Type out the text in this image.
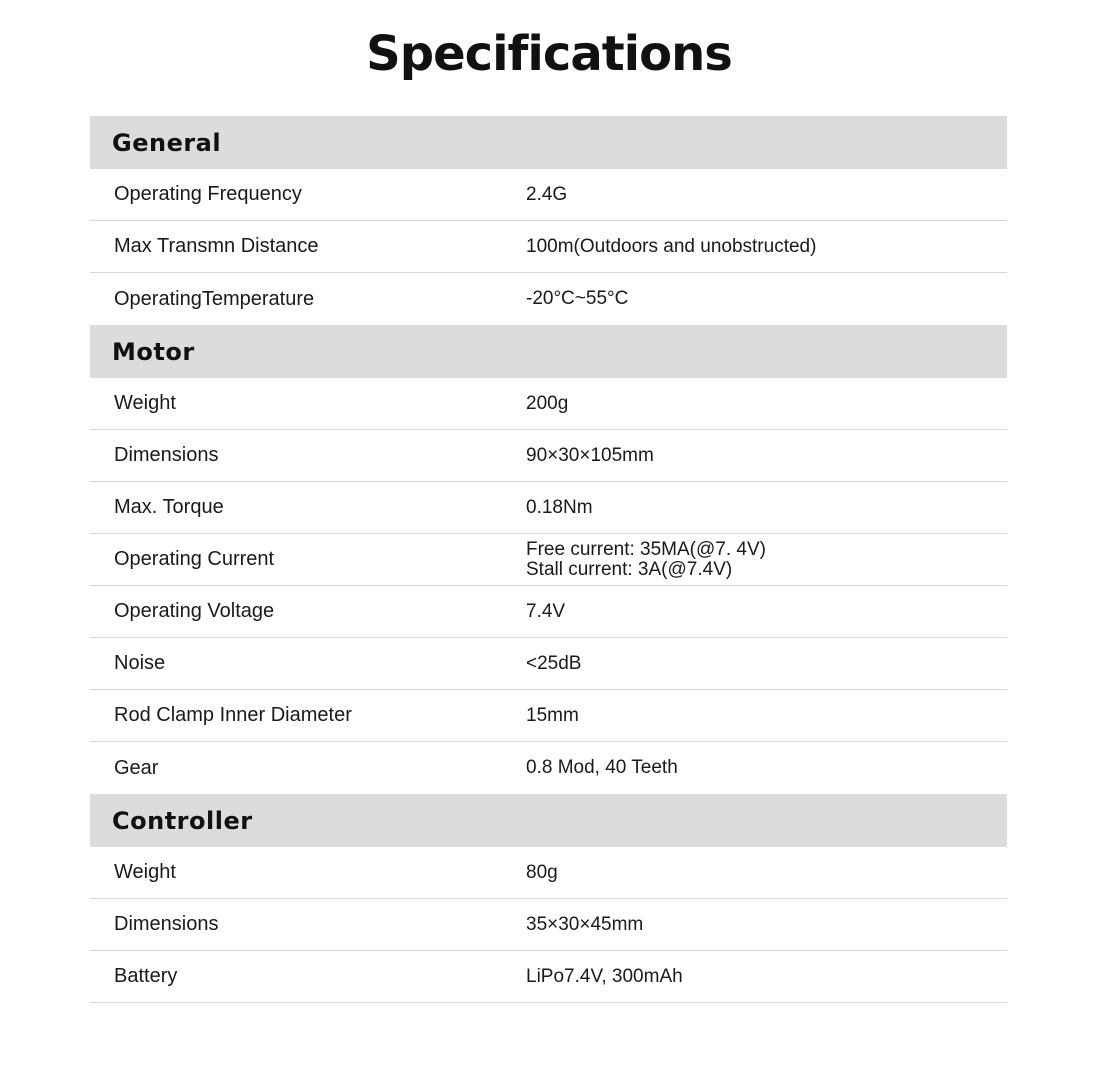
Specifications
General
Operating Frequency	2.4G
Max Transmn Distance	100m(Outdoors and unobstructed)
OperatingTemperature	-20°C~55°C
Motor
Weight	200g
Dimensions	90×30×105mm
Max. Torque	0.18Nm
Operating Current	Free current: 35MA(@7. 4V)
Stall current: 3A(@7.4V)
Operating Voltage	7.4V
Noise	<25dB
Rod Clamp Inner Diameter	15mm
Gear	0.8 Mod, 40 Teeth
Controller
Weight	80g
Dimensions	35×30×45mm
Battery	LiPo7.4V, 300mAh
